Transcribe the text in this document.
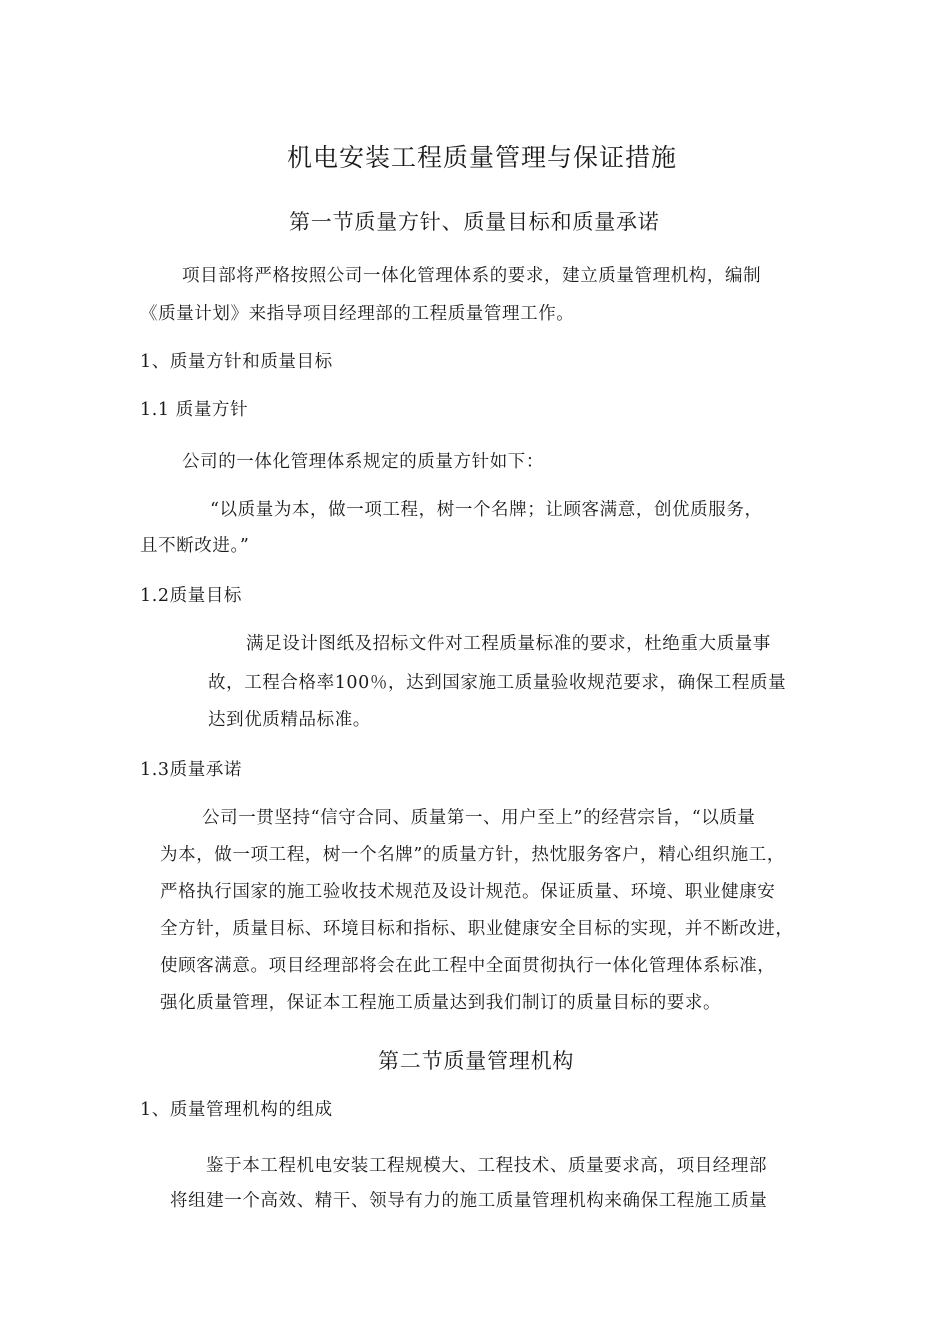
机电安装工程质量管理与保证措施
第一节质量方针、质量目标和质量承诺
项目部将严格按照公司一体化管理体系的要求，建立质量管理机构，编制
《质量计划》来指导项目经理部的工程质量管理工作。
1、质量方针和质量目标
1.1 质量方针
公司的一体化管理体系规定的质量方针如下：
“以质量为本，做一项工程，树一个名牌；让顾客满意，创优质服务，
且不断改进。”
1.2质量目标
满足设计图纸及招标文件对工程质量标准的要求，杜绝重大质量事
故，工程合格率100％，达到国家施工质量验收规范要求，确保工程质量
达到优质精品标准。
1.3质量承诺
公司一贯坚持“信守合同、质量第一、用户至上”的经营宗旨，“以质量
为本，做一项工程，树一个名牌”的质量方针，热忱服务客户，精心组织施工，
严格执行国家的施工验收技术规范及设计规范。保证质量、环境、职业健康安
全方针，质量目标、环境目标和指标、职业健康安全目标的实现，并不断改进，
使顾客满意。项目经理部将会在此工程中全面贯彻执行一体化管理体系标准，
强化质量管理，保证本工程施工质量达到我们制订的质量目标的要求。
第二节质量管理机构
1、质量管理机构的组成
鉴于本工程机电安装工程规模大、工程技术、质量要求高，项目经理部
将组建一个高效、精干、领导有力的施工质量管理机构来确保工程施工质量
